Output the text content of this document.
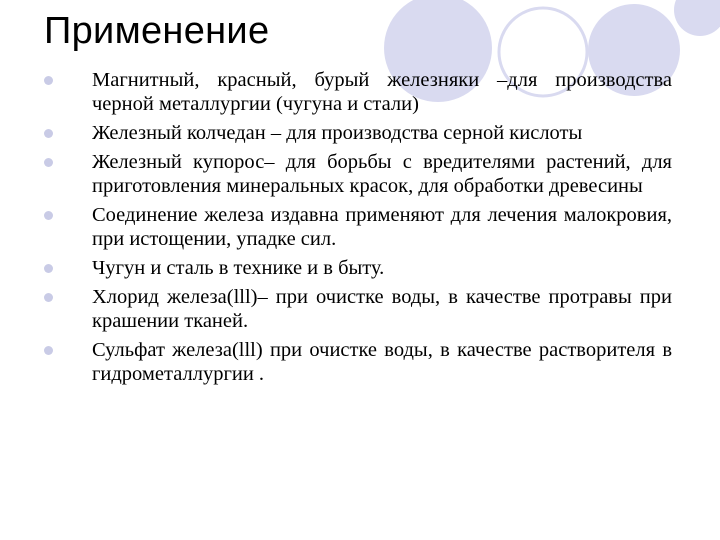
Применение
Магнитный, красный, бурый железняки –для производства черной металлургии (чугуна и стали)
Железный колчедан – для производства серной кислоты
Железный купорос– для борьбы с вредителями растений, для приготовления минеральных красок, для обработки древесины
Соединение железа издавна применяют для лечения малокровия, при истощении, упадке сил.
Чугун и сталь в технике и в быту.
Хлорид железа(lll)– при очистке воды, в качестве протравы при крашении тканей.
Сульфат железа(lll) при очистке воды, в качестве растворителя в гидрометаллургии .
